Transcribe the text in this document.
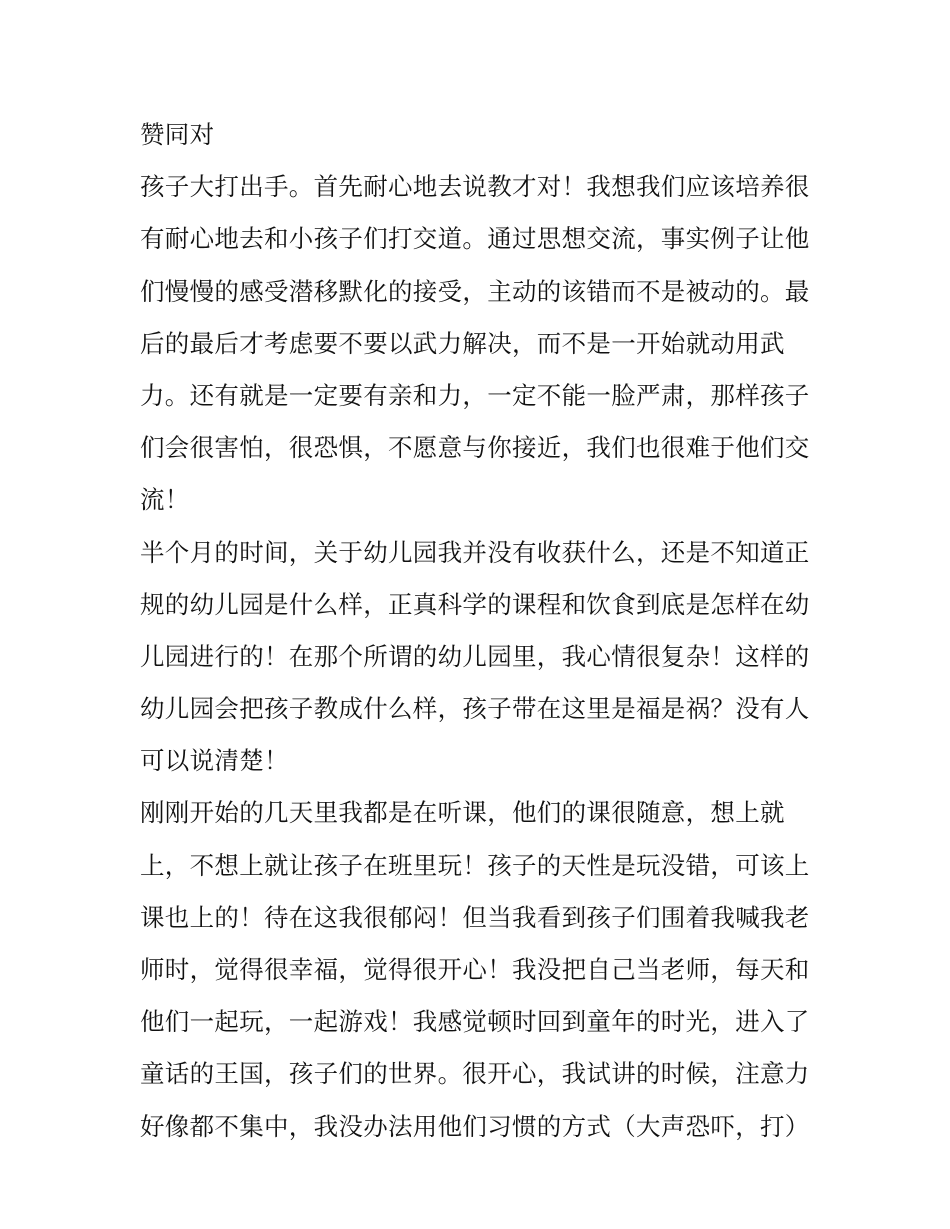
赞同对
孩子大打出手。首先耐心地去说教才对！我想我们应该培养很
有耐心地去和小孩子们打交道。通过思想交流，事实例子让他
们慢慢的感受潜移默化的接受，主动的该错而不是被动的。最
后的最后才考虑要不要以武力解决，而不是一开始就动用武
力。还有就是一定要有亲和力，一定不能一脸严肃，那样孩子
们会很害怕，很恐惧，不愿意与你接近，我们也很难于他们交
流！
半个月的时间，关于幼儿园我并没有收获什么，还是不知道正
规的幼儿园是什么样，正真科学的课程和饮食到底是怎样在幼
儿园进行的！在那个所谓的幼儿园里，我心情很复杂！这样的
幼儿园会把孩子教成什么样，孩子带在这里是福是祸？没有人
可以说清楚！
刚刚开始的几天里我都是在听课，他们的课很随意，想上就
上，不想上就让孩子在班里玩！孩子的天性是玩没错，可该上
课也上的！待在这我很郁闷！但当我看到孩子们围着我喊我老
师时，觉得很幸福，觉得很开心！我没把自己当老师，每天和
他们一起玩，一起游戏！我感觉顿时回到童年的时光，进入了
童话的王国，孩子们的世界。很开心，我试讲的时候，注意力
好像都不集中，我没办法用他们习惯的方式（大声恐吓，打）
